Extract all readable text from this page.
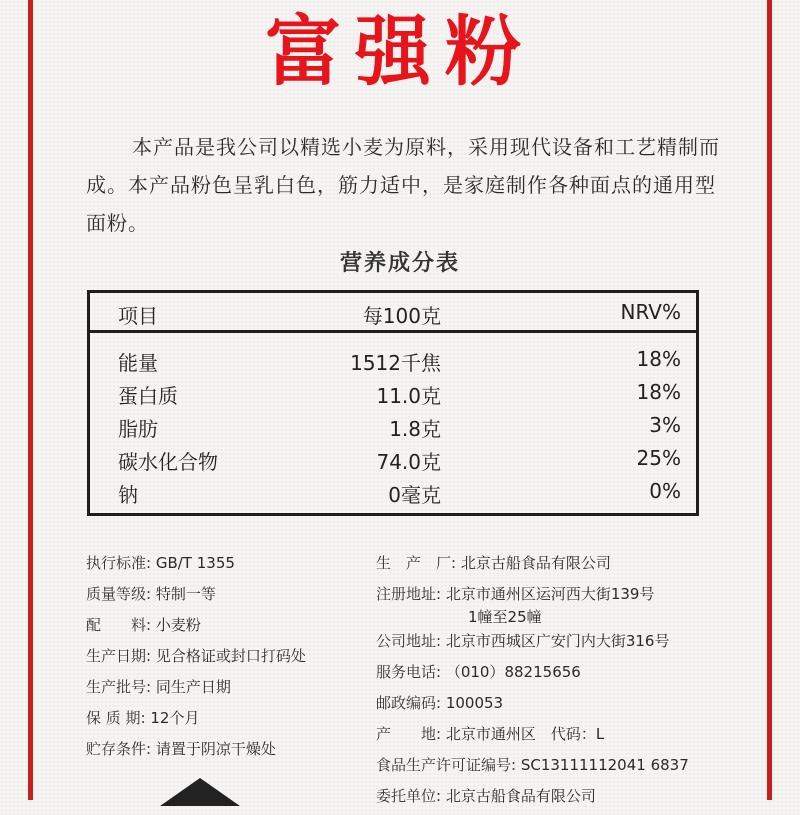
富强粉
本产品是我公司以精选小麦为原料，采用现代设备和工艺精制而成。本产品粉色呈乳白色，筋力适中，是家庭制作各种面点的通用型面粉。
营养成分表
项目	每100克	NRV%
能量	1512千焦	18%
蛋白质	11.0克	18%
脂肪	1.8克	3%
碳水化合物	74.0克	25%
钠	0毫克	0%
执行标准: GB/T 1355
质量等级: 特制一等
配　　料: 小麦粉
生产日期: 见合格证或封口打码处
生产批号: 同生产日期
保 质 期: 12个月
贮存条件: 请置于阴凉干燥处
生　产　厂: 北京古船食品有限公司
注册地址: 北京市通州区运河西大街139号
1幢至25幢
公司地址: 北京市西城区广安门内大街316号
服务电话: （010）88215656
邮政编码: 100053
产　　地: 北京市通州区　代码：L
食品生产许可证编号: SC13111112041 6837
委托单位: 北京古船食品有限公司
